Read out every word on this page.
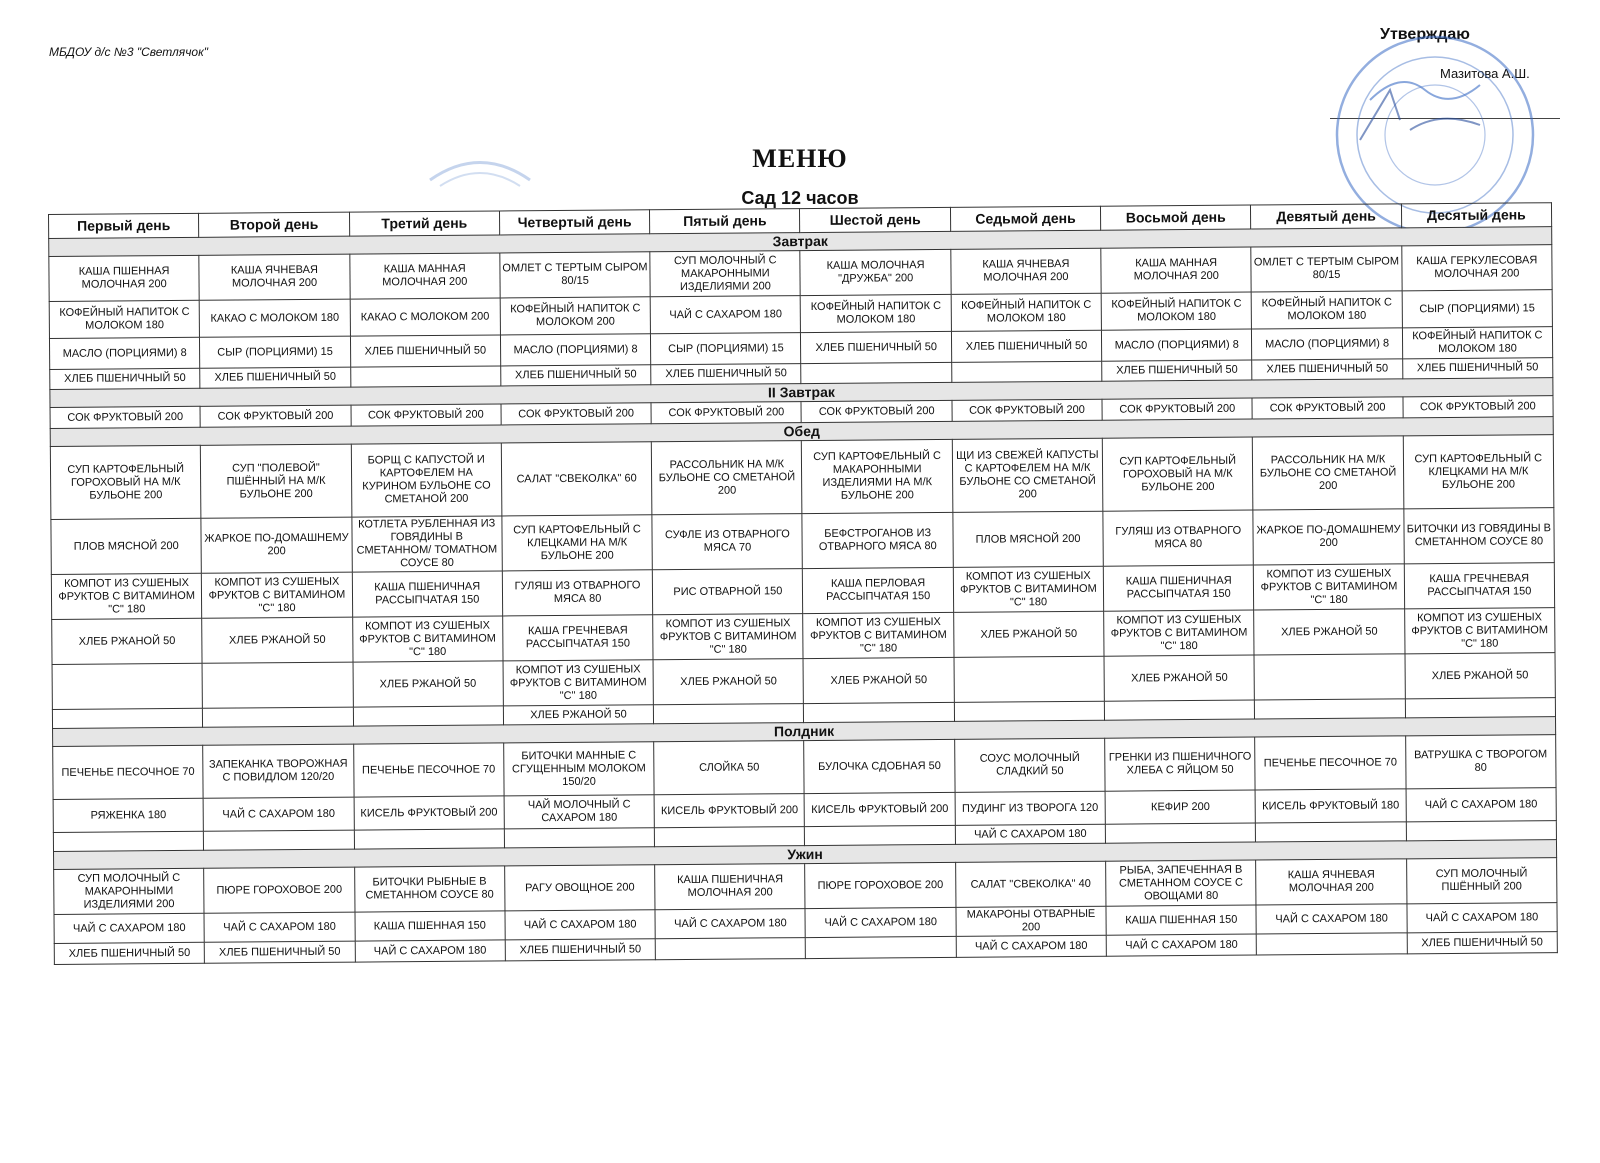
МБДОУ д/с №3 "Светлячок"
Утверждаю
Мазитова А.Ш.
МЕНЮ
Сад 12 часов
Первый день	Второй день	Третий день	Четвертый день	Пятый день	Шестой день	Седьмой день	Восьмой день	Девятый день	Десятый день
Завтрак									
КАША ПШЕННАЯ МОЛОЧНАЯ 200	КАША ЯЧНЕВАЯ МОЛОЧНАЯ 200	КАША МАННАЯ МОЛОЧНАЯ 200	ОМЛЕТ С ТЕРТЫМ СЫРОМ 80/15	СУП МОЛОЧНЫЙ С МАКАРОННЫМИ ИЗДЕЛИЯМИ 200	КАША МОЛОЧНАЯ "ДРУЖБА" 200	КАША ЯЧНЕВАЯ МОЛОЧНАЯ 200	КАША МАННАЯ МОЛОЧНАЯ 200	ОМЛЕТ С ТЕРТЫМ СЫРОМ 80/15	КАША ГЕРКУЛЕСОВАЯ МОЛОЧНАЯ 200
КОФЕЙНЫЙ НАПИТОК С МОЛОКОМ 180	КАКАО С МОЛОКОМ 180	КАКАО С МОЛОКОМ 200	КОФЕЙНЫЙ НАПИТОК С МОЛОКОМ 200	ЧАЙ С САХАРОМ 180	КОФЕЙНЫЙ НАПИТОК С МОЛОКОМ 180	КОФЕЙНЫЙ НАПИТОК С МОЛОКОМ 180	КОФЕЙНЫЙ НАПИТОК С МОЛОКОМ 180	КОФЕЙНЫЙ НАПИТОК С МОЛОКОМ 180	СЫР (ПОРЦИЯМИ) 15
МАСЛО (ПОРЦИЯМИ) 8	СЫР (ПОРЦИЯМИ) 15	ХЛЕБ ПШЕНИЧНЫЙ 50	МАСЛО (ПОРЦИЯМИ) 8	СЫР (ПОРЦИЯМИ) 15	ХЛЕБ ПШЕНИЧНЫЙ 50	ХЛЕБ ПШЕНИЧНЫЙ 50	МАСЛО (ПОРЦИЯМИ) 8	МАСЛО (ПОРЦИЯМИ) 8	КОФЕЙНЫЙ НАПИТОК С МОЛОКОМ 180
ХЛЕБ ПШЕНИЧНЫЙ 50	ХЛЕБ ПШЕНИЧНЫЙ 50		ХЛЕБ ПШЕНИЧНЫЙ 50	ХЛЕБ ПШЕНИЧНЫЙ 50			ХЛЕБ ПШЕНИЧНЫЙ 50	ХЛЕБ ПШЕНИЧНЫЙ 50	ХЛЕБ ПШЕНИЧНЫЙ 50
II Завтрак									
СОК ФРУКТОВЫЙ 200	СОК ФРУКТОВЫЙ 200	СОК ФРУКТОВЫЙ 200	СОК ФРУКТОВЫЙ 200	СОК ФРУКТОВЫЙ 200	СОК ФРУКТОВЫЙ 200	СОК ФРУКТОВЫЙ 200	СОК ФРУКТОВЫЙ 200	СОК ФРУКТОВЫЙ 200	СОК ФРУКТОВЫЙ 200
Обед									
СУП КАРТОФЕЛЬНЫЙ ГОРОХОВЫЙ НА М/К БУЛЬОНЕ 200	СУП "ПОЛЕВОЙ" ПШЁННЫЙ НА М/К БУЛЬОНЕ 200	БОРЩ С КАПУСТОЙ И КАРТОФЕЛЕМ НА КУРИНОМ БУЛЬОНЕ СО СМЕТАНОЙ 200	САЛАТ "СВЕКОЛКА" 60	РАССОЛЬНИК НА М/К БУЛЬОНЕ СО СМЕТАНОЙ 200	СУП КАРТОФЕЛЬНЫЙ С МАКАРОННЫМИ ИЗДЕЛИЯМИ НА М/К БУЛЬОНЕ 200	ЩИ ИЗ СВЕЖЕЙ КАПУСТЫ С КАРТОФЕЛЕМ НА М/К БУЛЬОНЕ СО СМЕТАНОЙ 200	СУП КАРТОФЕЛЬНЫЙ ГОРОХОВЫЙ НА М/К БУЛЬОНЕ 200	РАССОЛЬНИК НА М/К БУЛЬОНЕ СО СМЕТАНОЙ 200	СУП КАРТОФЕЛЬНЫЙ С КЛЕЦКАМИ НА М/К БУЛЬОНЕ 200
ПЛОВ МЯСНОЙ 200	ЖАРКОЕ ПО-ДОМАШНЕМУ 200	КОТЛЕТА РУБЛЕННАЯ ИЗ ГОВЯДИНЫ В СМЕТАННОМ/ ТОМАТНОМ СОУСЕ 80	СУП КАРТОФЕЛЬНЫЙ С КЛЕЦКАМИ НА М/К БУЛЬОНЕ 200	СУФЛЕ ИЗ ОТВАРНОГО МЯСА 70	БЕФСТРОГАНОВ ИЗ ОТВАРНОГО МЯСА 80	ПЛОВ МЯСНОЙ 200	ГУЛЯШ ИЗ ОТВАРНОГО МЯСА 80	ЖАРКОЕ ПО-ДОМАШНЕМУ 200	БИТОЧКИ ИЗ ГОВЯДИНЫ В СМЕТАННОМ СОУСЕ 80
КОМПОТ ИЗ СУШЕНЫХ ФРУКТОВ С ВИТАМИНОМ "С" 180	КОМПОТ ИЗ СУШЕНЫХ ФРУКТОВ С ВИТАМИНОМ "С" 180	КАША ПШЕНИЧНАЯ РАССЫПЧАТАЯ 150	ГУЛЯШ ИЗ ОТВАРНОГО МЯСА 80	РИС ОТВАРНОЙ 150	КАША ПЕРЛОВАЯ РАССЫПЧАТАЯ 150	КОМПОТ ИЗ СУШЕНЫХ ФРУКТОВ С ВИТАМИНОМ "С" 180	КАША ПШЕНИЧНАЯ РАССЫПЧАТАЯ 150	КОМПОТ ИЗ СУШЕНЫХ ФРУКТОВ С ВИТАМИНОМ "С" 180	КАША ГРЕЧНЕВАЯ РАССЫПЧАТАЯ 150
ХЛЕБ РЖАНОЙ 50	ХЛЕБ РЖАНОЙ 50	КОМПОТ ИЗ СУШЕНЫХ ФРУКТОВ С ВИТАМИНОМ "С" 180	КАША ГРЕЧНЕВАЯ РАССЫПЧАТАЯ 150	КОМПОТ ИЗ СУШЕНЫХ ФРУКТОВ С ВИТАМИНОМ "С" 180	КОМПОТ ИЗ СУШЕНЫХ ФРУКТОВ С ВИТАМИНОМ "С" 180	ХЛЕБ РЖАНОЙ 50	КОМПОТ ИЗ СУШЕНЫХ ФРУКТОВ С ВИТАМИНОМ "С" 180	ХЛЕБ РЖАНОЙ 50	КОМПОТ ИЗ СУШЕНЫХ ФРУКТОВ С ВИТАМИНОМ "С" 180
		ХЛЕБ РЖАНОЙ 50	КОМПОТ ИЗ СУШЕНЫХ ФРУКТОВ С ВИТАМИНОМ "С" 180	ХЛЕБ РЖАНОЙ 50	ХЛЕБ РЖАНОЙ 50		ХЛЕБ РЖАНОЙ 50		ХЛЕБ РЖАНОЙ 50
			ХЛЕБ РЖАНОЙ 50						
Полдник									
ПЕЧЕНЬЕ ПЕСОЧНОЕ 70	ЗАПЕКАНКА ТВОРОЖНАЯ С ПОВИДЛОМ 120/20	ПЕЧЕНЬЕ ПЕСОЧНОЕ 70	БИТОЧКИ МАННЫЕ С СГУЩЕННЫМ МОЛОКОМ 150/20	СЛОЙКА 50	БУЛОЧКА СДОБНАЯ 50	СОУС МОЛОЧНЫЙ СЛАДКИЙ 50	ГРЕНКИ ИЗ ПШЕНИЧНОГО ХЛЕБА С ЯЙЦОМ 50	ПЕЧЕНЬЕ ПЕСОЧНОЕ 70	ВАТРУШКА С ТВОРОГОМ 80
РЯЖЕНКА 180	ЧАЙ С САХАРОМ 180	КИСЕЛЬ ФРУКТОВЫЙ 200	ЧАЙ МОЛОЧНЫЙ С САХАРОМ 180	КИСЕЛЬ ФРУКТОВЫЙ 200	КИСЕЛЬ ФРУКТОВЫЙ 200	ПУДИНГ ИЗ ТВОРОГА 120	КЕФИР 200	КИСЕЛЬ ФРУКТОВЫЙ 180	ЧАЙ С САХАРОМ 180
						ЧАЙ С САХАРОМ 180			
Ужин									
СУП МОЛОЧНЫЙ С МАКАРОННЫМИ ИЗДЕЛИЯМИ 200	ПЮРЕ ГОРОХОВОЕ 200	БИТОЧКИ РЫБНЫЕ В СМЕТАННОМ СОУСЕ 80	РАГУ ОВОЩНОЕ 200	КАША ПШЕНИЧНАЯ МОЛОЧНАЯ 200	ПЮРЕ ГОРОХОВОЕ 200	САЛАТ "СВЕКОЛКА" 40	РЫБА, ЗАПЕЧЕННАЯ В СМЕТАННОМ СОУСЕ С ОВОЩАМИ 80	КАША ЯЧНЕВАЯ МОЛОЧНАЯ 200	СУП МОЛОЧНЫЙ ПШЁННЫЙ 200
ЧАЙ С САХАРОМ 180	ЧАЙ С САХАРОМ 180	КАША ПШЕННАЯ 150	ЧАЙ С САХАРОМ 180	ЧАЙ С САХАРОМ 180	ЧАЙ С САХАРОМ 180	МАКАРОНЫ ОТВАРНЫЕ 200	КАША ПШЕННАЯ 150	ЧАЙ С САХАРОМ 180	ЧАЙ С САХАРОМ 180
ХЛЕБ ПШЕНИЧНЫЙ 50	ХЛЕБ ПШЕНИЧНЫЙ 50	ЧАЙ С САХАРОМ 180	ХЛЕБ ПШЕНИЧНЫЙ 50			ЧАЙ С САХАРОМ 180	ЧАЙ С САХАРОМ 180		ХЛЕБ ПШЕНИЧНЫЙ 50
